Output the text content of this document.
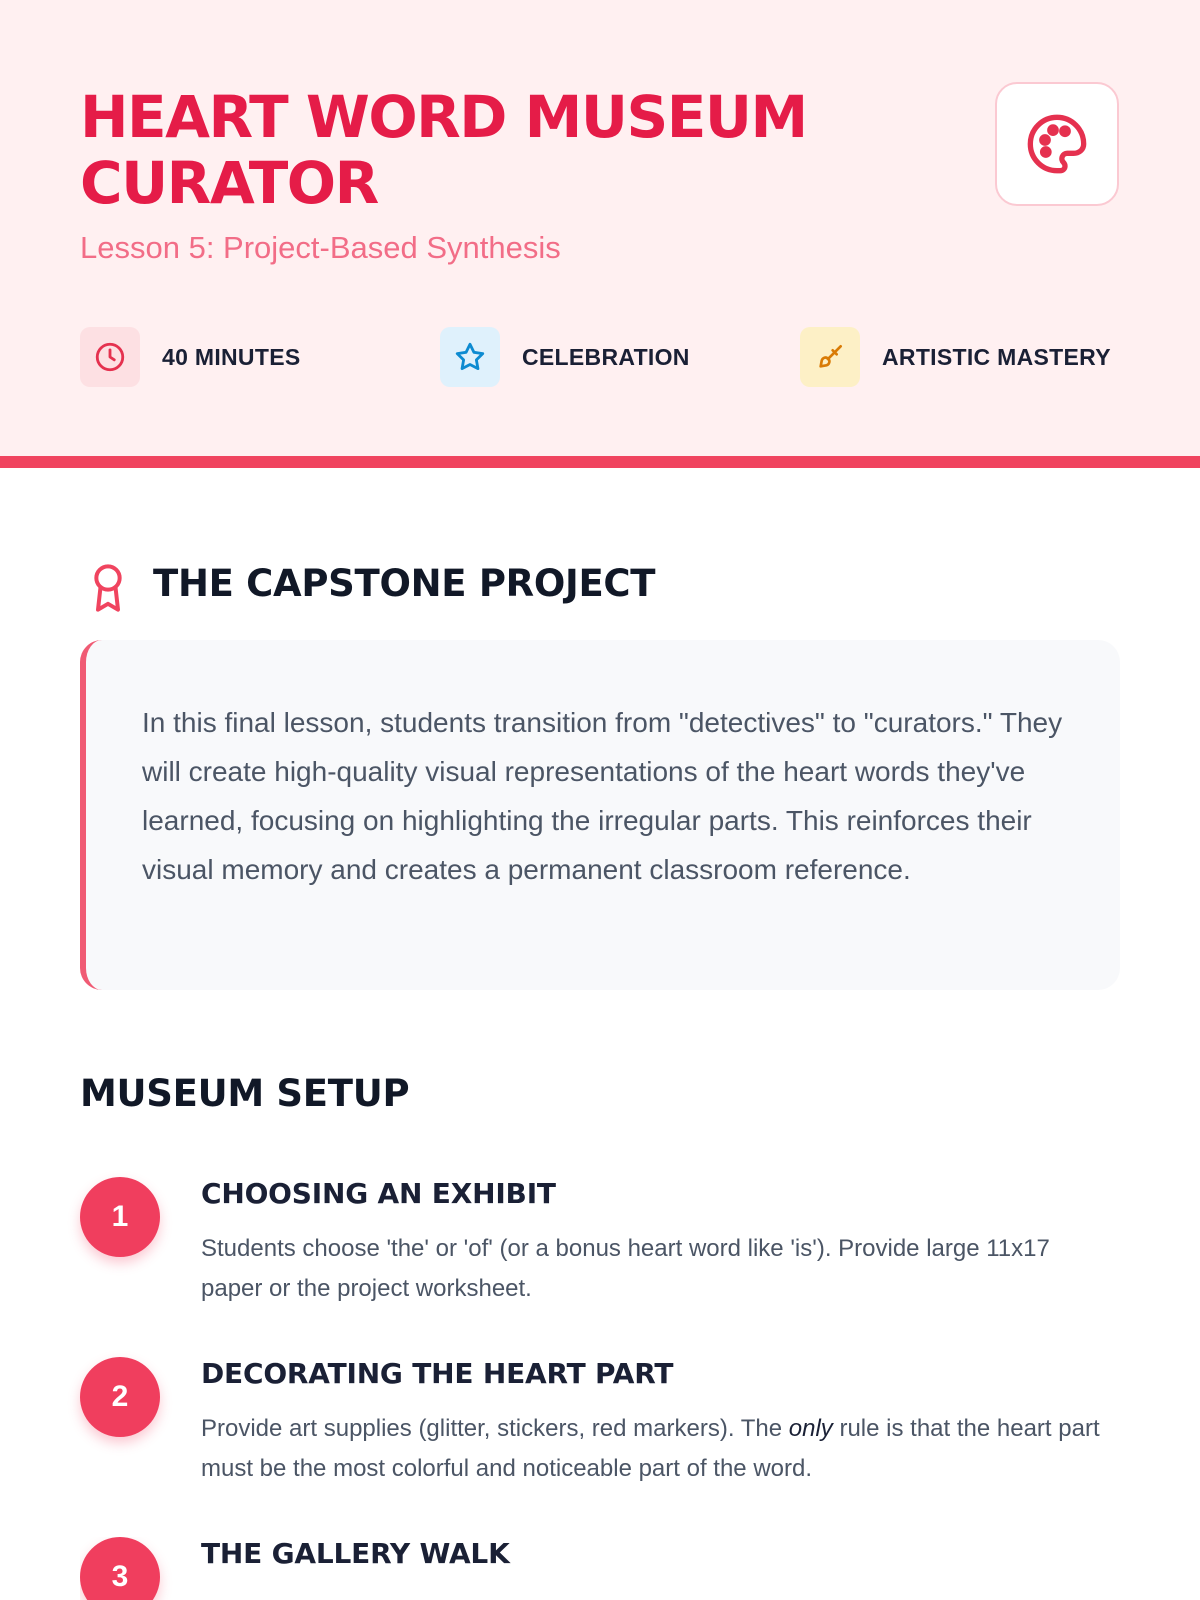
HEART WORD MUSEUM CURATOR
Lesson 5: Project-Based Synthesis
40 MINUTES	CELEBRATION	ARTISTIC MASTERY
THE CAPSTONE PROJECT

In this final lesson, students transition from "detectives" to "curators." They will create high-quality visual representations of the heart words they've learned, focusing on highlighting the irregular parts. This reinforces their visual memory and creates a permanent classroom reference.

MUSEUM SETUP
1
CHOOSING AN EXHIBIT
Students choose 'the' or 'of' (or a bonus heart word like 'is'). Provide large 11x17 paper or the project worksheet.
2
DECORATING THE HEART PART
Provide art supplies (glitter, stickers, red markers). The only rule is that the heart part must be the most colorful and noticeable part of the word.
3
THE GALLERY WALK
